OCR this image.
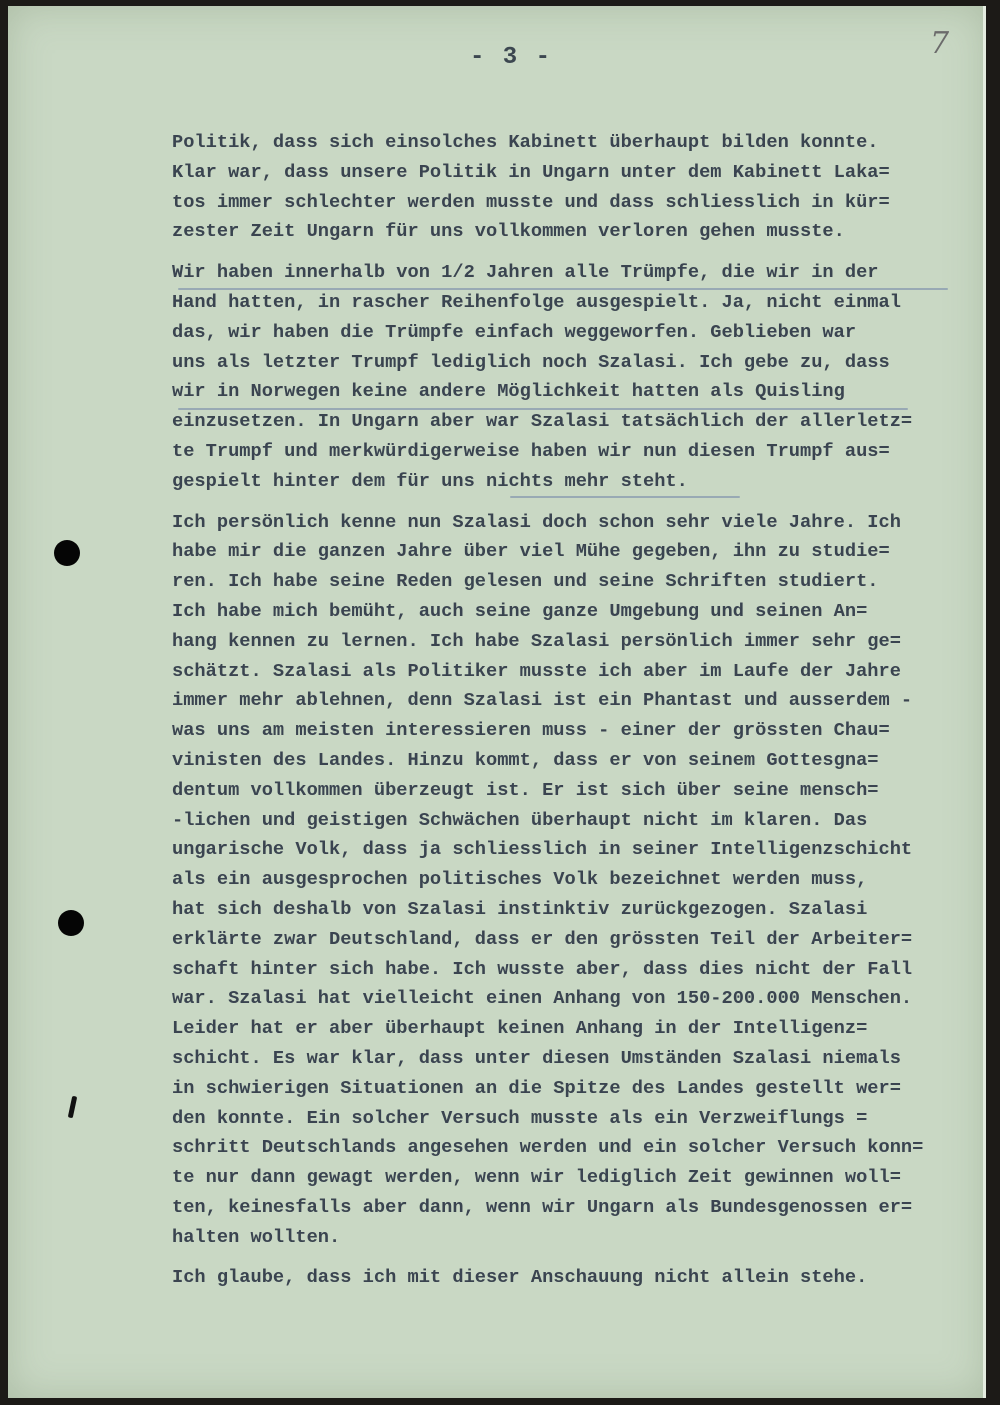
- 3 -	7
Politik, dass sich einsolches Kabinett überhaupt bilden konnte.
Klar war, dass unsere Politik in Ungarn unter dem Kabinett Laka=
tos immer schlechter werden musste und dass schliesslich in kür=
zester Zeit Ungarn für uns vollkommen verloren gehen musste.
Wir haben innerhalb von 1/2 Jahren alle Trümpfe, die wir in der
Hand hatten, in rascher Reihenfolge ausgespielt. Ja, nicht einmal
das, wir haben die Trümpfe einfach weggeworfen. Geblieben war
uns als letzter Trumpf lediglich noch Szalasi. Ich gebe zu, dass
wir in Norwegen keine andere Möglichkeit hatten als Quisling
einzusetzen. In Ungarn aber war Szalasi tatsächlich der allerletz=
te Trumpf und merkwürdigerweise haben wir nun diesen Trumpf aus=
gespielt hinter dem für uns nichts mehr steht.
Ich persönlich kenne nun Szalasi doch schon sehr viele Jahre. Ich
habe mir die ganzen Jahre über viel Mühe gegeben, ihn zu studie=
ren. Ich habe seine Reden gelesen und seine Schriften studiert.
Ich habe mich bemüht, auch seine ganze Umgebung und seinen An=
hang kennen zu lernen. Ich habe Szalasi persönlich immer sehr ge=
schätzt. Szalasi als Politiker musste ich aber im Laufe der Jahre
immer mehr ablehnen, denn Szalasi ist ein Phantast und ausserdem -
was uns am meisten interessieren muss - einer der grössten Chau=
vinisten des Landes. Hinzu kommt, dass er von seinem Gottesgna=
dentum vollkommen überzeugt ist. Er ist sich über seine mensch=
-lichen und geistigen Schwächen überhaupt nicht im klaren. Das
ungarische Volk, dass ja schliesslich in seiner Intelligenzschicht
als ein ausgesprochen politisches Volk bezeichnet werden muss,
hat sich deshalb von Szalasi instinktiv zurückgezogen. Szalasi
erklärte zwar Deutschland, dass er den grössten Teil der Arbeiter=
schaft hinter sich habe. Ich wusste aber, dass dies nicht der Fall
war. Szalasi hat vielleicht einen Anhang von 150-200.000 Menschen.
Leider hat er aber überhaupt keinen Anhang in der Intelligenz=
schicht. Es war klar, dass unter diesen Umständen Szalasi niemals
in schwierigen Situationen an die Spitze des Landes gestellt wer=
den konnte. Ein solcher Versuch musste als ein Verzweiflungs =
schritt Deutschlands angesehen werden und ein solcher Versuch konn=
te nur dann gewagt werden, wenn wir lediglich Zeit gewinnen woll=
ten, keinesfalls aber dann, wenn wir Ungarn als Bundesgenossen er=
halten wollten.
Ich glaube, dass ich mit dieser Anschauung nicht allein stehe.
